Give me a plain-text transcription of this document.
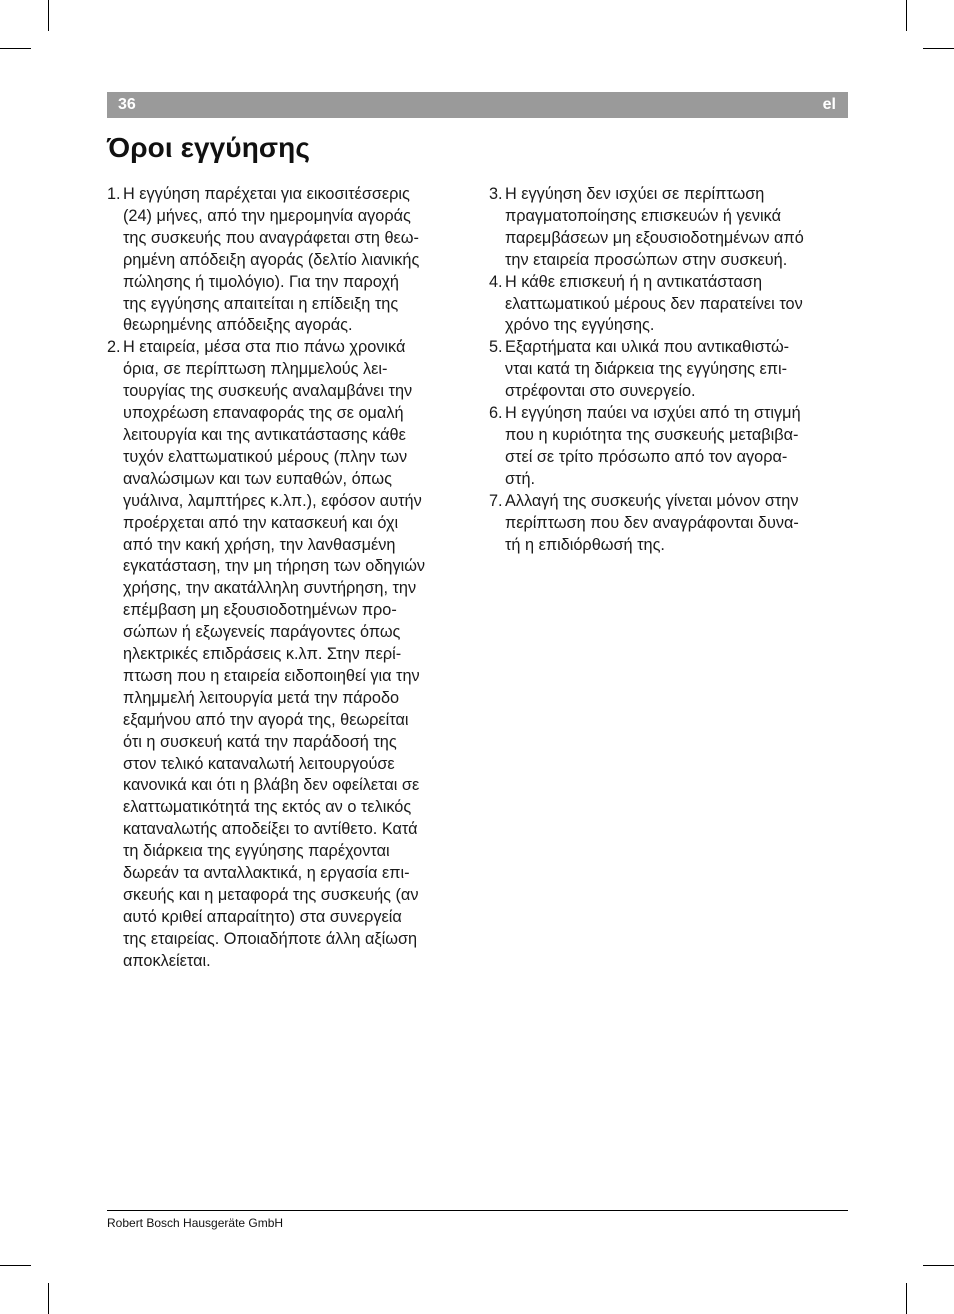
36	el
Όροι εγγύησης
1. Η εγγύηση παρέχεται για εικοσιτέσσερις
(24) μήνες, από την ημερομηνία αγοράς
της συσκευής που αναγράφεται στη θεω-
ρημένη απόδειξη αγοράς (δελτίο λιανικής
πώλησης ή τιμολόγιο). Για την παροχή
της εγγύησης απαιτείται η επίδειξη της
θεωρημένης απόδειξης αγοράς.
2. Η εταιρεία, μέσα στα πιο πάνω χρονικά
όρια, σε περίπτωση πλημμελούς λει-
τουργίας της συσκευής αναλαμβάνει την
υποχρέωση επαναφοράς της σε ομαλή
λειτουργία και της αντικατάστασης κάθε
τυχόν ελαττωματικού μέρους (πλην των
αναλώσιμων και των ευπαθών, όπως
γυάλινα, λαμπτήρες κ.λπ.), εφόσον αυτήν
προέρχεται από την κατασκευή και όχι
από την κακή χρήση, την λανθασμένη
εγκατάσταση, την μη τήρηση των οδηγιών
χρήσης, την ακατάλληλη συντήρηση, την
επέμβαση μη εξουσιοδοτημένων προ-
σώπων ή εξωγενείς παράγοντες όπως
ηλεκτρικές επιδράσεις κ.λπ. Στην περί-
πτωση που η εταιρεία ειδοποιηθεί για την
πλημμελή λειτουργία μετά την πάροδο
εξαμήνου από την αγορά της, θεωρείται
ότι η συσκευή κατά την παράδοσή της
στον τελικό καταναλωτή λειτουργούσε
κανονικά και ότι η βλάβη δεν οφείλεται σε
ελαττωματικότητά της εκτός αν ο τελικός
καταναλωτής αποδείξει το αντίθετο. Κατά
τη διάρκεια της εγγύησης παρέχονται
δωρεάν τα ανταλλακτικά, η εργασία επι-
σκευής και η μεταφορά της συσκευής (αν
αυτό κριθεί απαραίτητο) στα συνεργεία
της εταιρείας. Οποιαδήποτε άλλη αξίωση
αποκλείεται.
3. Η εγγύηση δεν ισχύει σε περίπτωση
πραγματοποίησης επισκευών ή γενικά
παρεμβάσεων μη εξουσιοδοτημένων από
την εταιρεία προσώπων στην συσκευή.
4. Η κάθε επισκευή ή η αντικατάσταση
ελαττωματικού μέρους δεν παρατείνει τον
χρόνο της εγγύησης.
5. Εξαρτήματα και υλικά που αντικαθιστώ-
νται κατά τη διάρκεια της εγγύησης επι-
στρέφονται στο συνεργείο.
6. Η εγγύηση παύει να ισχύει από τη στιγμή
που η κυριότητα της συσκευής μεταβιβα-
στεί σε τρίτο πρόσωπο από τον αγορα-
στή.
7. Αλλαγή της συσκευής γίνεται μόνον στην
περίπτωση που δεν αναγράφονται δυνα-
τή η επιδιόρθωσή της.
Robert Bosch Hausgeräte GmbH
